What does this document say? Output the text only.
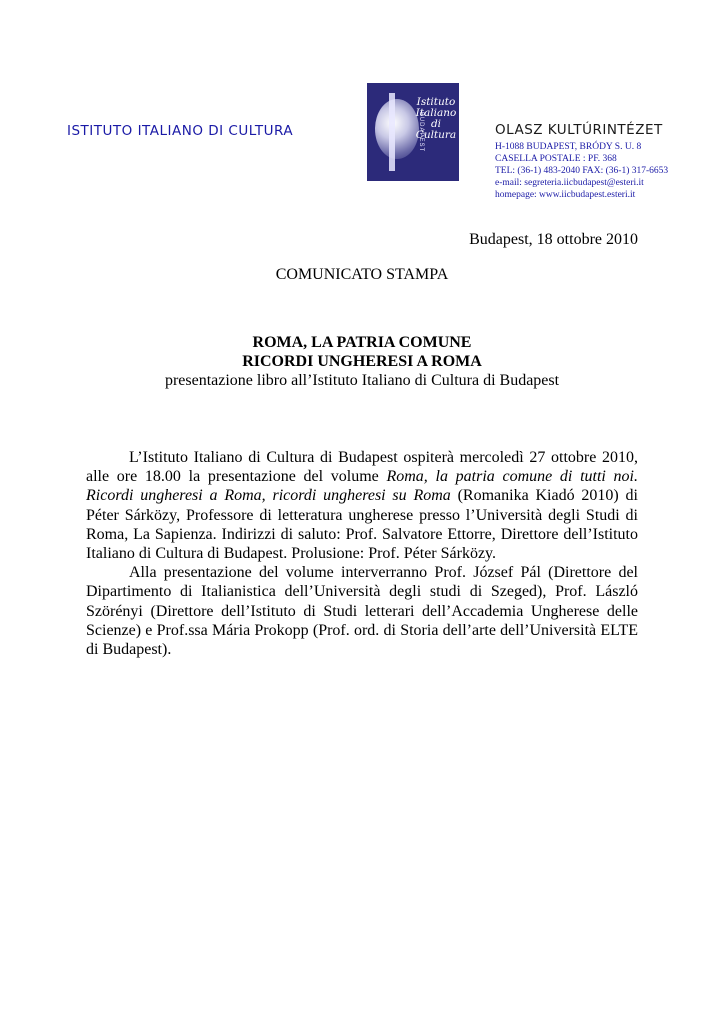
ISTITUTO ITALIANO DI CULTURA	BUDAPEST
Istituto
Italiano
di
Cultura	OLASZ KULTÚRINTÉZET
H-1088 BUDAPEST, BRÓDY S. U. 8
CASELLA POSTALE : PF. 368
TEL: (36-1) 483-2040 FAX: (36-1) 317-6653
e-mail: segreteria.iicbudapest@esteri.it
homepage: www.iicbudapest.esteri.it
Budapest, 18 ottobre 2010
COMUNICATO STAMPA
ROMA, LA PATRIA COMUNE
RICORDI UNGHERESI A ROMA
presentazione libro all’Istituto Italiano di Cultura di Budapest

L’Istituto Italiano di Cultura di Budapest ospiterà mercoledì 27 ottobre 2010, alle ore 18.00 la presentazione del volume Roma, la patria comune di tutti noi. Ricordi ungheresi a Roma, ricordi ungheresi su Roma (Romanika Kiadó 2010) di Péter Sárközy, Professore di letteratura ungherese presso l’Università degli Studi di Roma, La Sapienza. Indirizzi di saluto: Prof. Salvatore Ettorre, Direttore dell’Istituto Italiano di Cultura di Budapest. Prolusione: Prof. Péter Sárközy.

Alla presentazione del volume interverranno Prof. József Pál (Direttore del Dipartimento di Italianistica dell’Università degli studi di Szeged), Prof. László Szörényi (Direttore dell’Istituto di Studi letterari dell’Accademia Ungherese delle Scienze) e Prof.ssa Mária Prokopp (Prof. ord. di Storia dell’arte dell’Università ELTE di Budapest).
